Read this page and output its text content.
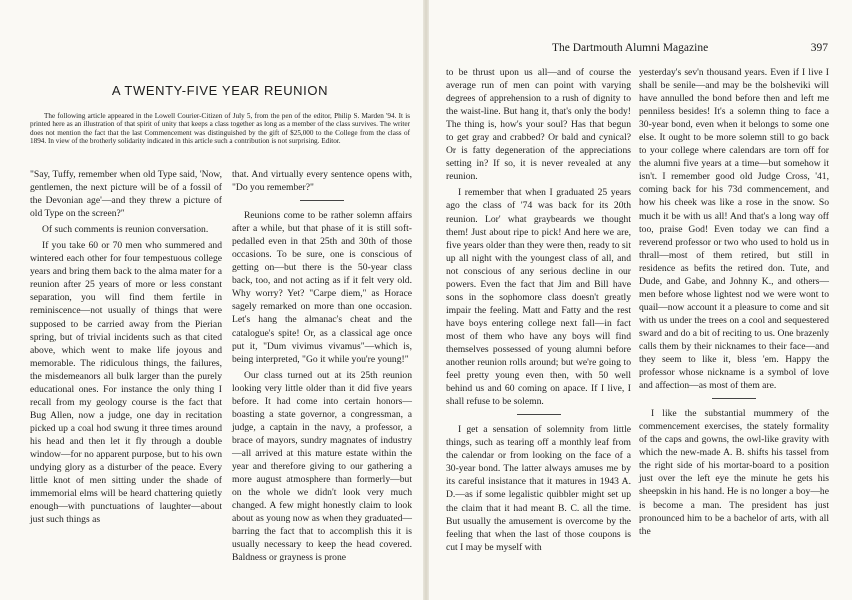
The Dartmouth Alumni Magazine	397
A TWENTY-FIVE YEAR REUNION
The following article appeared in the Lowell Courier-Citizen of July 5, from the pen of the editor, Philip S. Marden '94. It is printed here as an illustration of that spirit of unity that keeps a class together as long as a member of the class survives. The writer does not mention the fact that the last Commencement was distinguished by the gift of $25,000 to the College from the class of 1894. In view of the brotherly solidarity indicated in this article such a contribution is not surprising. Editor.

"Say, Tuffy, remember when old Type said, 'Now, gentlemen, the next picture will be of a fossil of the Devonian age'—and they threw a picture of old Type on the screen?"

Of such comments is reunion conversation.

If you take 60 or 70 men who summered and wintered each other for four tempestuous college years and bring them back to the alma mater for a reunion after 25 years of more or less constant separation, you will find them fertile in reminiscence—not usually of things that were supposed to be carried away from the Pierian spring, but of trivial incidents such as that cited above, which went to make life joyous and memorable. The ridiculous things, the failures, the misdemeanors all bulk larger than the purely educational ones. For instance the only thing I recall from my geology course is the fact that Bug Allen, now a judge, one day in recitation picked up a coal hod swung it three times around his head and then let it fly through a double window—for no apparent purpose, but to his own undying glory as a disturber of the peace. Every little knot of men sitting under the shade of immemorial elms will be heard chattering quietly enough—with punctuations of laughter—about just such things as

that. And virtually every sentence opens with, "Do you remember?"

Reunions come to be rather solemn affairs after a while, but that phase of it is still soft-pedalled even in that 25th and 30th of those occasions. To be sure, one is conscious of getting on—but there is the 50-year class back, too, and not acting as if it felt very old. Why worry? Yet? "Carpe diem," as Horace sagely remarked on more than one occasion. Let's hang the almanac's cheat and the catalogue's spite! Or, as a classical age once put it, "Dum vivimus vivamus"—which is, being interpreted, "Go it while you're young!"

Our class turned out at its 25th reunion looking very little older than it did five years before. It had come into certain honors—boasting a state governor, a congressman, a judge, a captain in the navy, a professor, a brace of mayors, sundry magnates of industry—all arrived at this mature estate within the year and therefore giving to our gathering a more august atmosphere than formerly—but on the whole we didn't look very much changed. A few might honestly claim to look about as young now as when they graduated—barring the fact that to accomplish this it is usually necessary to keep the head covered. Baldness or grayness is prone

to be thrust upon us all—and of course the average run of men can point with varying degrees of apprehension to a rush of dignity to the waist-line. But hang it, that's only the body! The thing is, how's your soul? Has that begun to get gray and crabbed? Or bald and cynical? Or is fatty degeneration of the appreciations setting in? If so, it is never revealed at any reunion.

I remember that when I graduated 25 years ago the class of '74 was back for its 20th reunion. Lor' what graybeards we thought them! Just about ripe to pick! And here we are, five years older than they were then, ready to sit up all night with the youngest class of all, and not conscious of any serious decline in our powers. Even the fact that Jim and Bill have sons in the sophomore class doesn't greatly impair the feeling. Matt and Fatty and the rest have boys entering college next fall—in fact most of them who have any boys will find themselves possessed of young alumni before another reunion rolls around; but we're going to feel pretty young even then, with 50 well behind us and 60 coming on apace. If I live, I shall refuse to be solemn.

I get a sensation of solemnity from little things, such as tearing off a monthly leaf from the calendar or from looking on the face of a 30-year bond. The latter always amuses me by its careful insistance that it matures in 1943 A. D.—as if some legalistic quibbler might set up the claim that it had meant B. C. all the time. But usually the amusement is overcome by the feeling that when the last of those coupons is cut I may be myself with

yesterday's sev'n thousand years. Even if I live I shall be senile—and may be the bolsheviki will have annulled the bond before then and left me penniless besides! It's a solemn thing to face a 30-year bond, even when it belongs to some one else. It ought to be more solemn still to go back to your college where calendars are torn off for the alumni five years at a time—but somehow it isn't. I remember good old Judge Cross, '41, coming back for his 73d commencement, and how his cheek was like a rose in the snow. So much it be with us all! And that's a long way off too, praise God! Even today we can find a reverend professor or two who used to hold us in thrall—most of them retired, but still in residence as befits the retired don. Tute, and Dude, and Gabe, and Johnny K., and others—men before whose lightest nod we were wont to quail—now account it a pleasure to come and sit with us under the trees on a cool and sequestered sward and do a bit of reciting to us. One brazenly calls them by their nicknames to their face—and they seem to like it, bless 'em. Happy the professor whose nickname is a symbol of love and affection—as most of them are.

I like the substantial mummery of the commencement exercises, the stately formality of the caps and gowns, the owl-like gravity with which the new-made A. B. shifts his tassel from the right side of his mortar-board to a position just over the left eye the minute he gets his sheepskin in his hand. He is no longer a boy—he is become a man. The president has just pronounced him to be a bachelor of arts, with all the
